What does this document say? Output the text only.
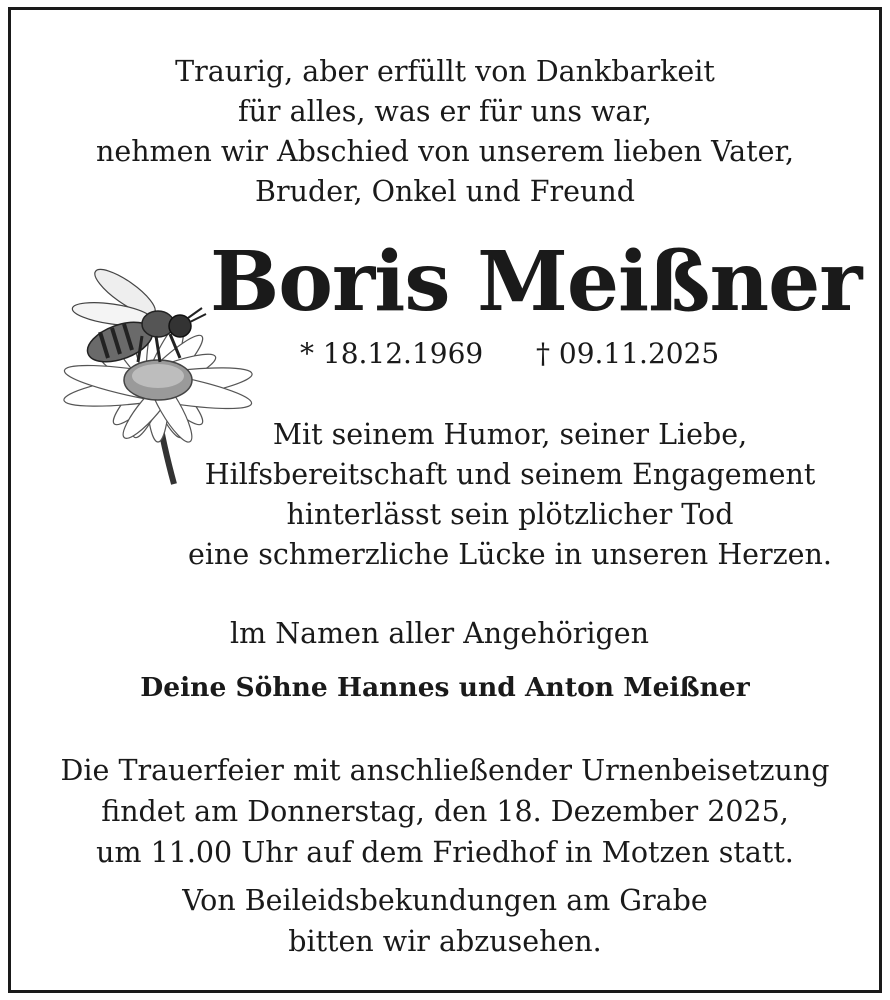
Traurig, aber erfüllt von Dankbarkeit
für alles, was er für uns war,
nehmen wir Abschied von unserem lieben Vater,
Bruder, Onkel und Freund
Boris Meißner
* 18.12.1969 † 09.11.2025
Mit seinem Humor, seiner Liebe,
Hilfsbereitschaft und seinem Engagement
hinterlässt sein plötzlicher Tod
eine schmerzliche Lücke in unseren Herzen.
lm Namen aller Angehörigen
Deine Söhne Hannes und Anton Meißner
Die Trauerfeier mit anschließender Urnenbeisetzung
findet am Donnerstag, den 18. Dezember 2025,
um 11.00 Uhr auf dem Friedhof in Motzen statt.
Von Beileidsbekundungen am Grabe
bitten wir abzusehen.
